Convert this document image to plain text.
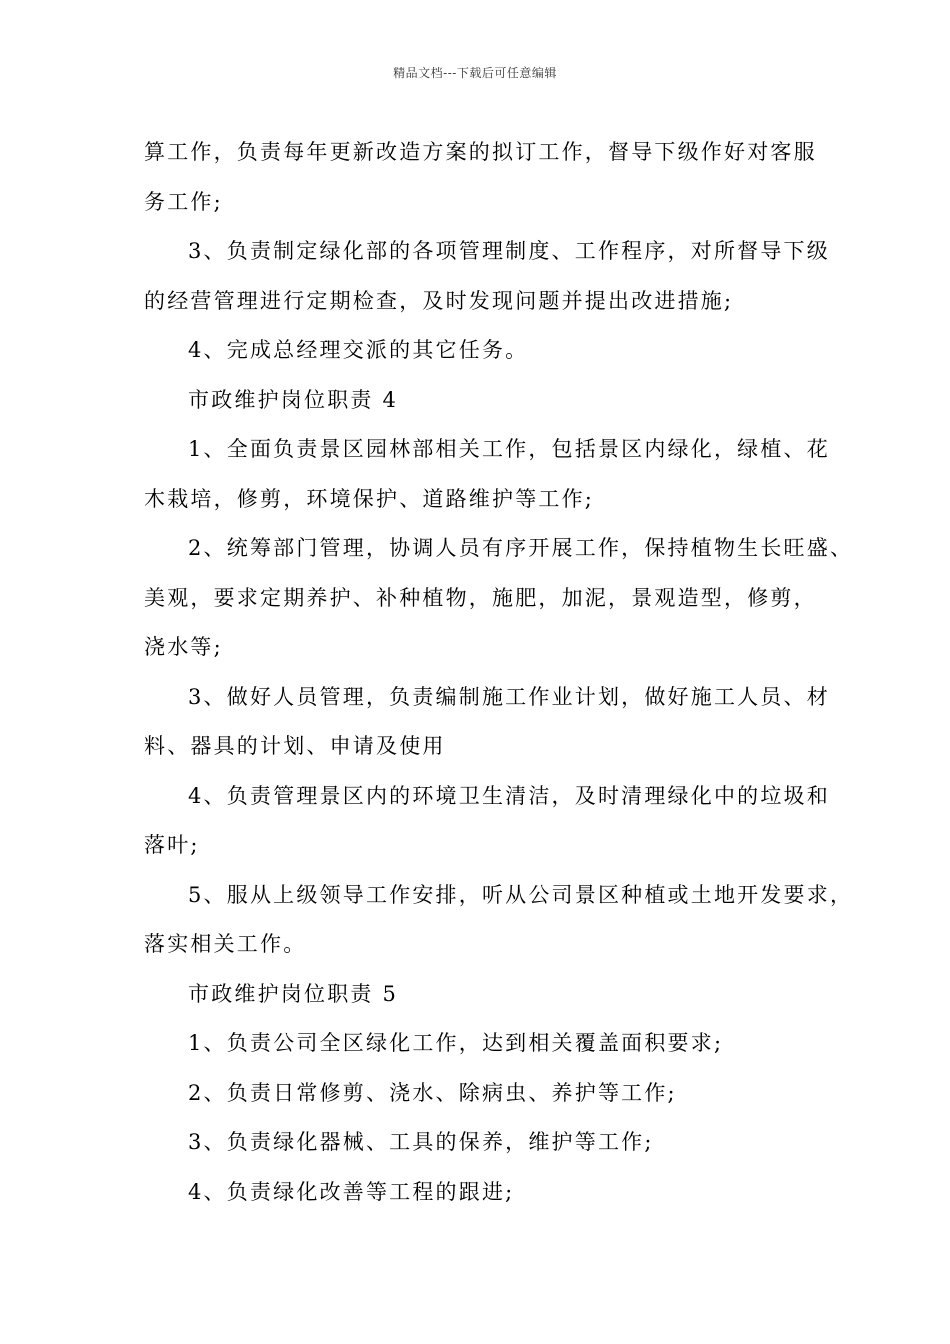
精品文档---下载后可任意编辑

算工作，负责每年更新改造方案的拟订工作，督导下级作好对客服

务工作;

3、负责制定绿化部的各项管理制度、工作程序，对所督导下级

的经营管理进行定期检查，及时发现问题并提出改进措施;

4、完成总经理交派的其它任务。

市政维护岗位职责 4

1、全面负责景区园林部相关工作，包括景区内绿化，绿植、花

木栽培，修剪，环境保护、道路维护等工作;

2、统筹部门管理，协调人员有序开展工作，保持植物生长旺盛、

美观，要求定期养护、补种植物，施肥，加泥，景观造型，修剪，

浇水等;

3、做好人员管理，负责编制施工作业计划，做好施工人员、材

料、器具的计划、申请及使用

4、负责管理景区内的环境卫生清洁，及时清理绿化中的垃圾和

落叶;

5、服从上级领导工作安排，听从公司景区种植或土地开发要求，

落实相关工作。

市政维护岗位职责 5

1、负责公司全区绿化工作，达到相关覆盖面积要求;

2、负责日常修剪、浇水、除病虫、养护等工作;

3、负责绿化器械、工具的保养，维护等工作;

4、负责绿化改善等工程的跟进;
